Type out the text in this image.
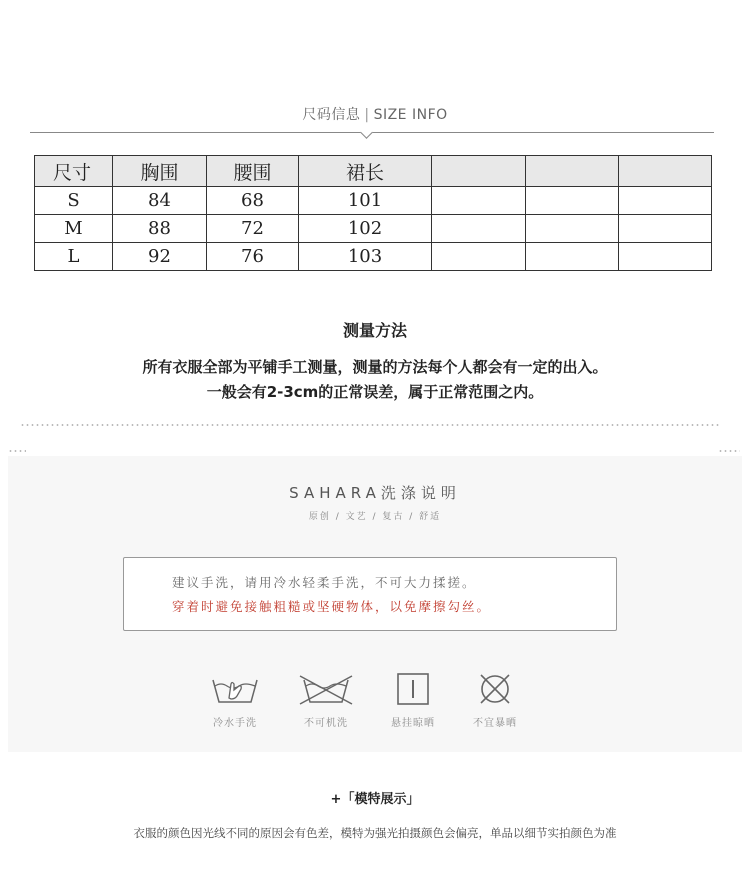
尺码信息 | SIZE INFO
尺寸	胸围	腰围	裙长			
S	84	68	101			
M	88	72	102			
L	92	76	103			
测量方法
所有衣服全部为平铺手工测量，测量的方法每个人都会有一定的出入。
一般会有2-3cm的正常误差，属于正常范围之内。
SAHARA洗涤说明
原创 / 文艺 / 复古 / 舒适
建议手洗，请用冷水轻柔手洗，不可大力揉搓。
穿着时避免接触粗糙或坚硬物体，以免摩擦勾丝。
冷水手洗	不可机洗	悬挂晾晒	不宜暴晒
+「模特展示」
衣服的颜色因光线不同的原因会有色差，模特为强光拍摄颜色会偏亮，单品以细节实拍颜色为准
